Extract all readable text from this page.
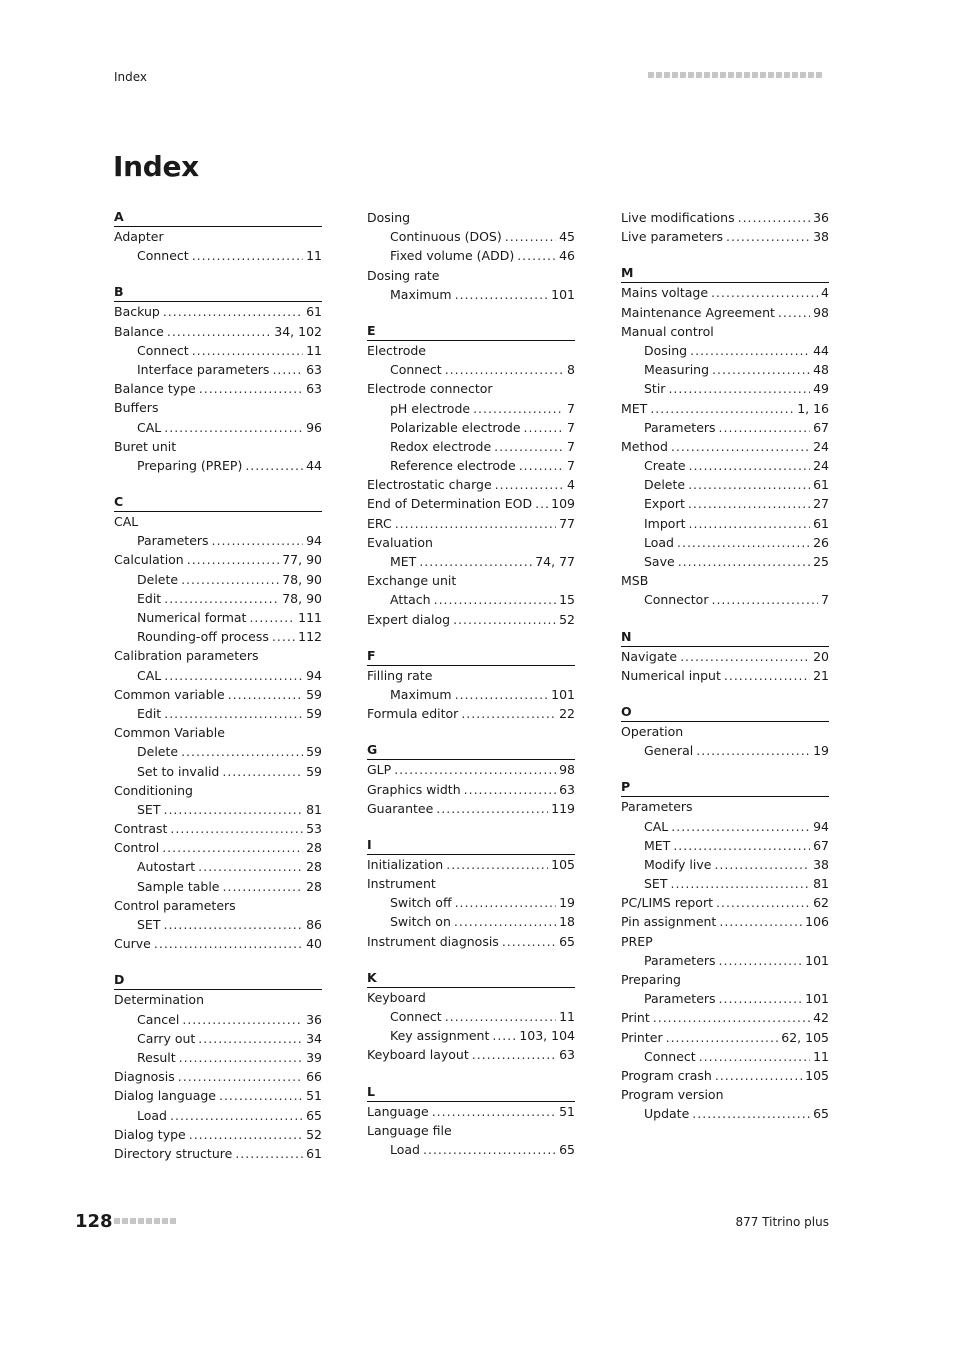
Index
Index
A
Adapter
Connect .....	11
B
Backup .....	61
Balance .....	34, 102
Connect .....	11
Interface parameters .....	63
Balance type .....	63
Buffers
CAL .....	96
Buret unit
Preparing (PREP) .....	44
C
CAL
Parameters .....	94
Calculation .....	77, 90
Delete .....	78, 90
Edit .....	78, 90
Numerical format .....	111
Rounding-off process ..... 112
Calibration parameters
CAL .....	94
Common variable .....	59
Edit .....	59
Common Variable
Delete .....	59
Set to invalid .....	59
Conditioning
SET .....	81
Contrast .....	53
Control .....	28
Autostart .....	28
Sample table .....	28
Control parameters
SET .....	86
Curve .....	40
D
Determination
Cancel .....	36
Carry out .....	34
Result .....	39
Diagnosis .....	66
Dialog language .....	51
Load .....	65
Dialog type .....	52
Directory structure .....	61
Dosing
Continuous (DOS) .....	45
Fixed volume (ADD) .....	46
Dosing rate
Maximum .....	101
E
Electrode
Connect .....	8
Electrode connector
pH electrode .....	7
Polarizable electrode .....	7
Redox electrode .....	7
Reference electrode .....	7
Electrostatic charge .....	4
End of Determination EOD ..... 109
ERC .....	77
Evaluation
MET .....	74, 77
Exchange unit
Attach .....	15
Expert dialog .....	52
F
Filling rate
Maximum .....	101
Formula editor .....	22
G
GLP .....	98
Graphics width .....	63
Guarantee .....	119
I
Initialization .....	105
Instrument
Switch off .....	19
Switch on .....	18
Instrument diagnosis .....	65
K
Keyboard
Connect .....	11
Key assignment ..... 103, 104
Keyboard layout .....	63
L
Language .....	51
Language file
Load .....	65
Live modifications .....	36
Live parameters .....	38
M
Mains voltage .....	4
Maintenance Agreement .....	98
Manual control
Dosing .....	44
Measuring .....	48
Stir .....	49
MET .....	1, 16
Parameters .....	67
Method .....	24
Create .....	24
Delete .....	61
Export .....	27
Import .....	61
Load .....	26
Save .....	25
MSB
Connector .....	7
N
Navigate .....	20
Numerical input .....	21
O
Operation
General .....	19
P
Parameters
CAL .....	94
MET .....	67
Modify live .....	38
SET .....	81
PC/LIMS report .....	62
Pin assignment .....	106
PREP
Parameters .....	101
Preparing
Parameters .....	101
Print .....	42
Printer .....	62, 105
Connect .....	11
Program crash .....	105
Program version
Update .....	65
128	877 Titrino plus
